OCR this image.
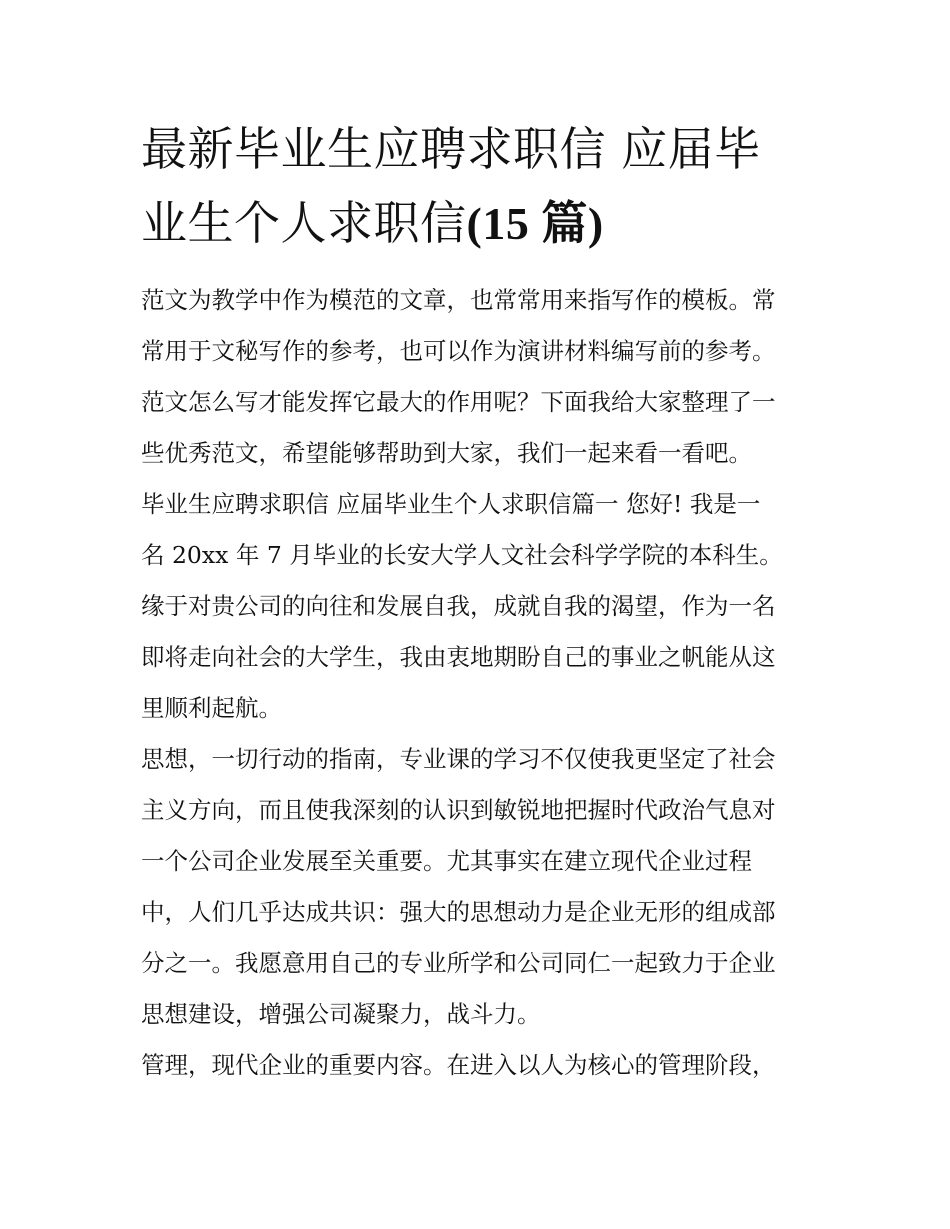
最新毕业生应聘求职信 应届毕
业生个人求职信(15 篇)
范文为教学中作为模范的文章，也常常用来指写作的模板。常
常用于文秘写作的参考，也可以作为演讲材料编写前的参考。
范文怎么写才能发挥它最大的作用呢？下面我给大家整理了一
些优秀范文，希望能够帮助到大家，我们一起来看一看吧。
毕业生应聘求职信 应届毕业生个人求职信篇一 您好! 我是一
名 20xx 年 7 月毕业的长安大学人文社会科学学院的本科生。
缘于对贵公司的向往和发展自我，成就自我的渴望，作为一名
即将走向社会的大学生，我由衷地期盼自己的事业之帆能从这
里顺利起航。
思想，一切行动的指南，专业课的学习不仅使我更坚定了社会
主义方向，而且使我深刻的认识到敏锐地把握时代政治气息对
一个公司企业发展至关重要。尤其事实在建立现代企业过程
中，人们几乎达成共识：强大的思想动力是企业无形的组成部
分之一。我愿意用自己的专业所学和公司同仁一起致力于企业
思想建设，增强公司凝聚力，战斗力。
管理，现代企业的重要内容。在进入以人为核心的管理阶段，
